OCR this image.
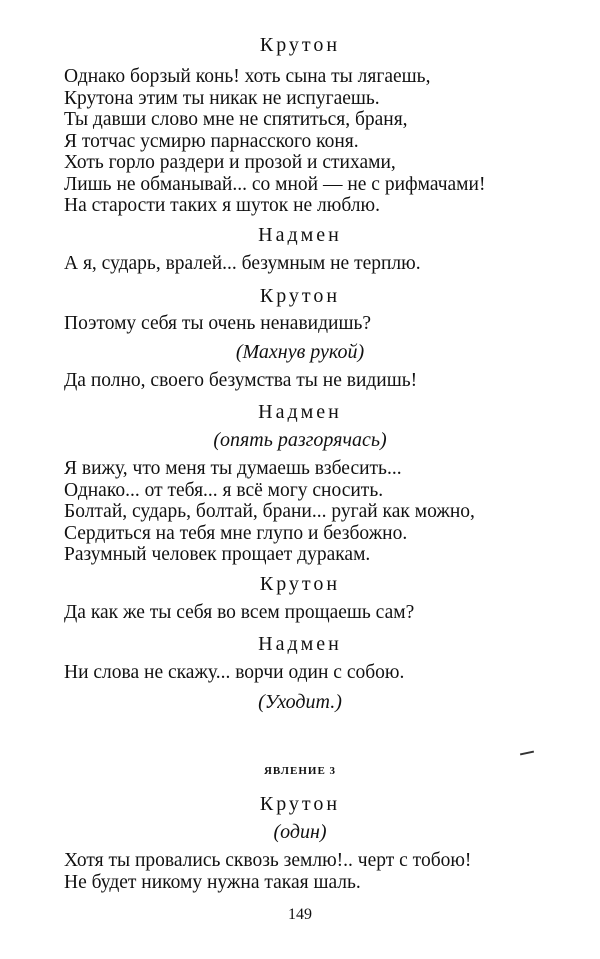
Крутон
Однако борзый конь! хоть сына ты лягаешь,
Крутона этим ты никак не испугаешь.
Ты давши слово мне не спятиться, браня,
Я тотчас усмирю парнасского коня.
Хоть горло раздери и прозой и стихами,
Лишь не обманывай... со мной — не с рифмачами!
На старости таких я шуток не люблю.
Надмен
А я, сударь, вралей... безумным не терплю.
Крутон
Поэтому себя ты очень ненавидишь?
(Махнув рукой)
Да полно, своего безумства ты не видишь!
Надмен
(опять разгорячась)
Я вижу, что меня ты думаешь взбесить...
Однако... от тебя... я всё могу сносить.
Болтай, сударь, болтай, брани... ругай как можно,
Сердиться на тебя мне глупо и безбожно.
Разумный человек прощает дуракам.
Крутон
Да как же ты себя во всем прощаешь сам?
Надмен
Ни слова не скажу... ворчи один с собою.
(Уходит.)
ЯВЛЕНИЕ 3
Крутон
(один)
Хотя ты провались сквозь землю!.. черт с тобою!
Не будет никому нужна такая шаль.
149
